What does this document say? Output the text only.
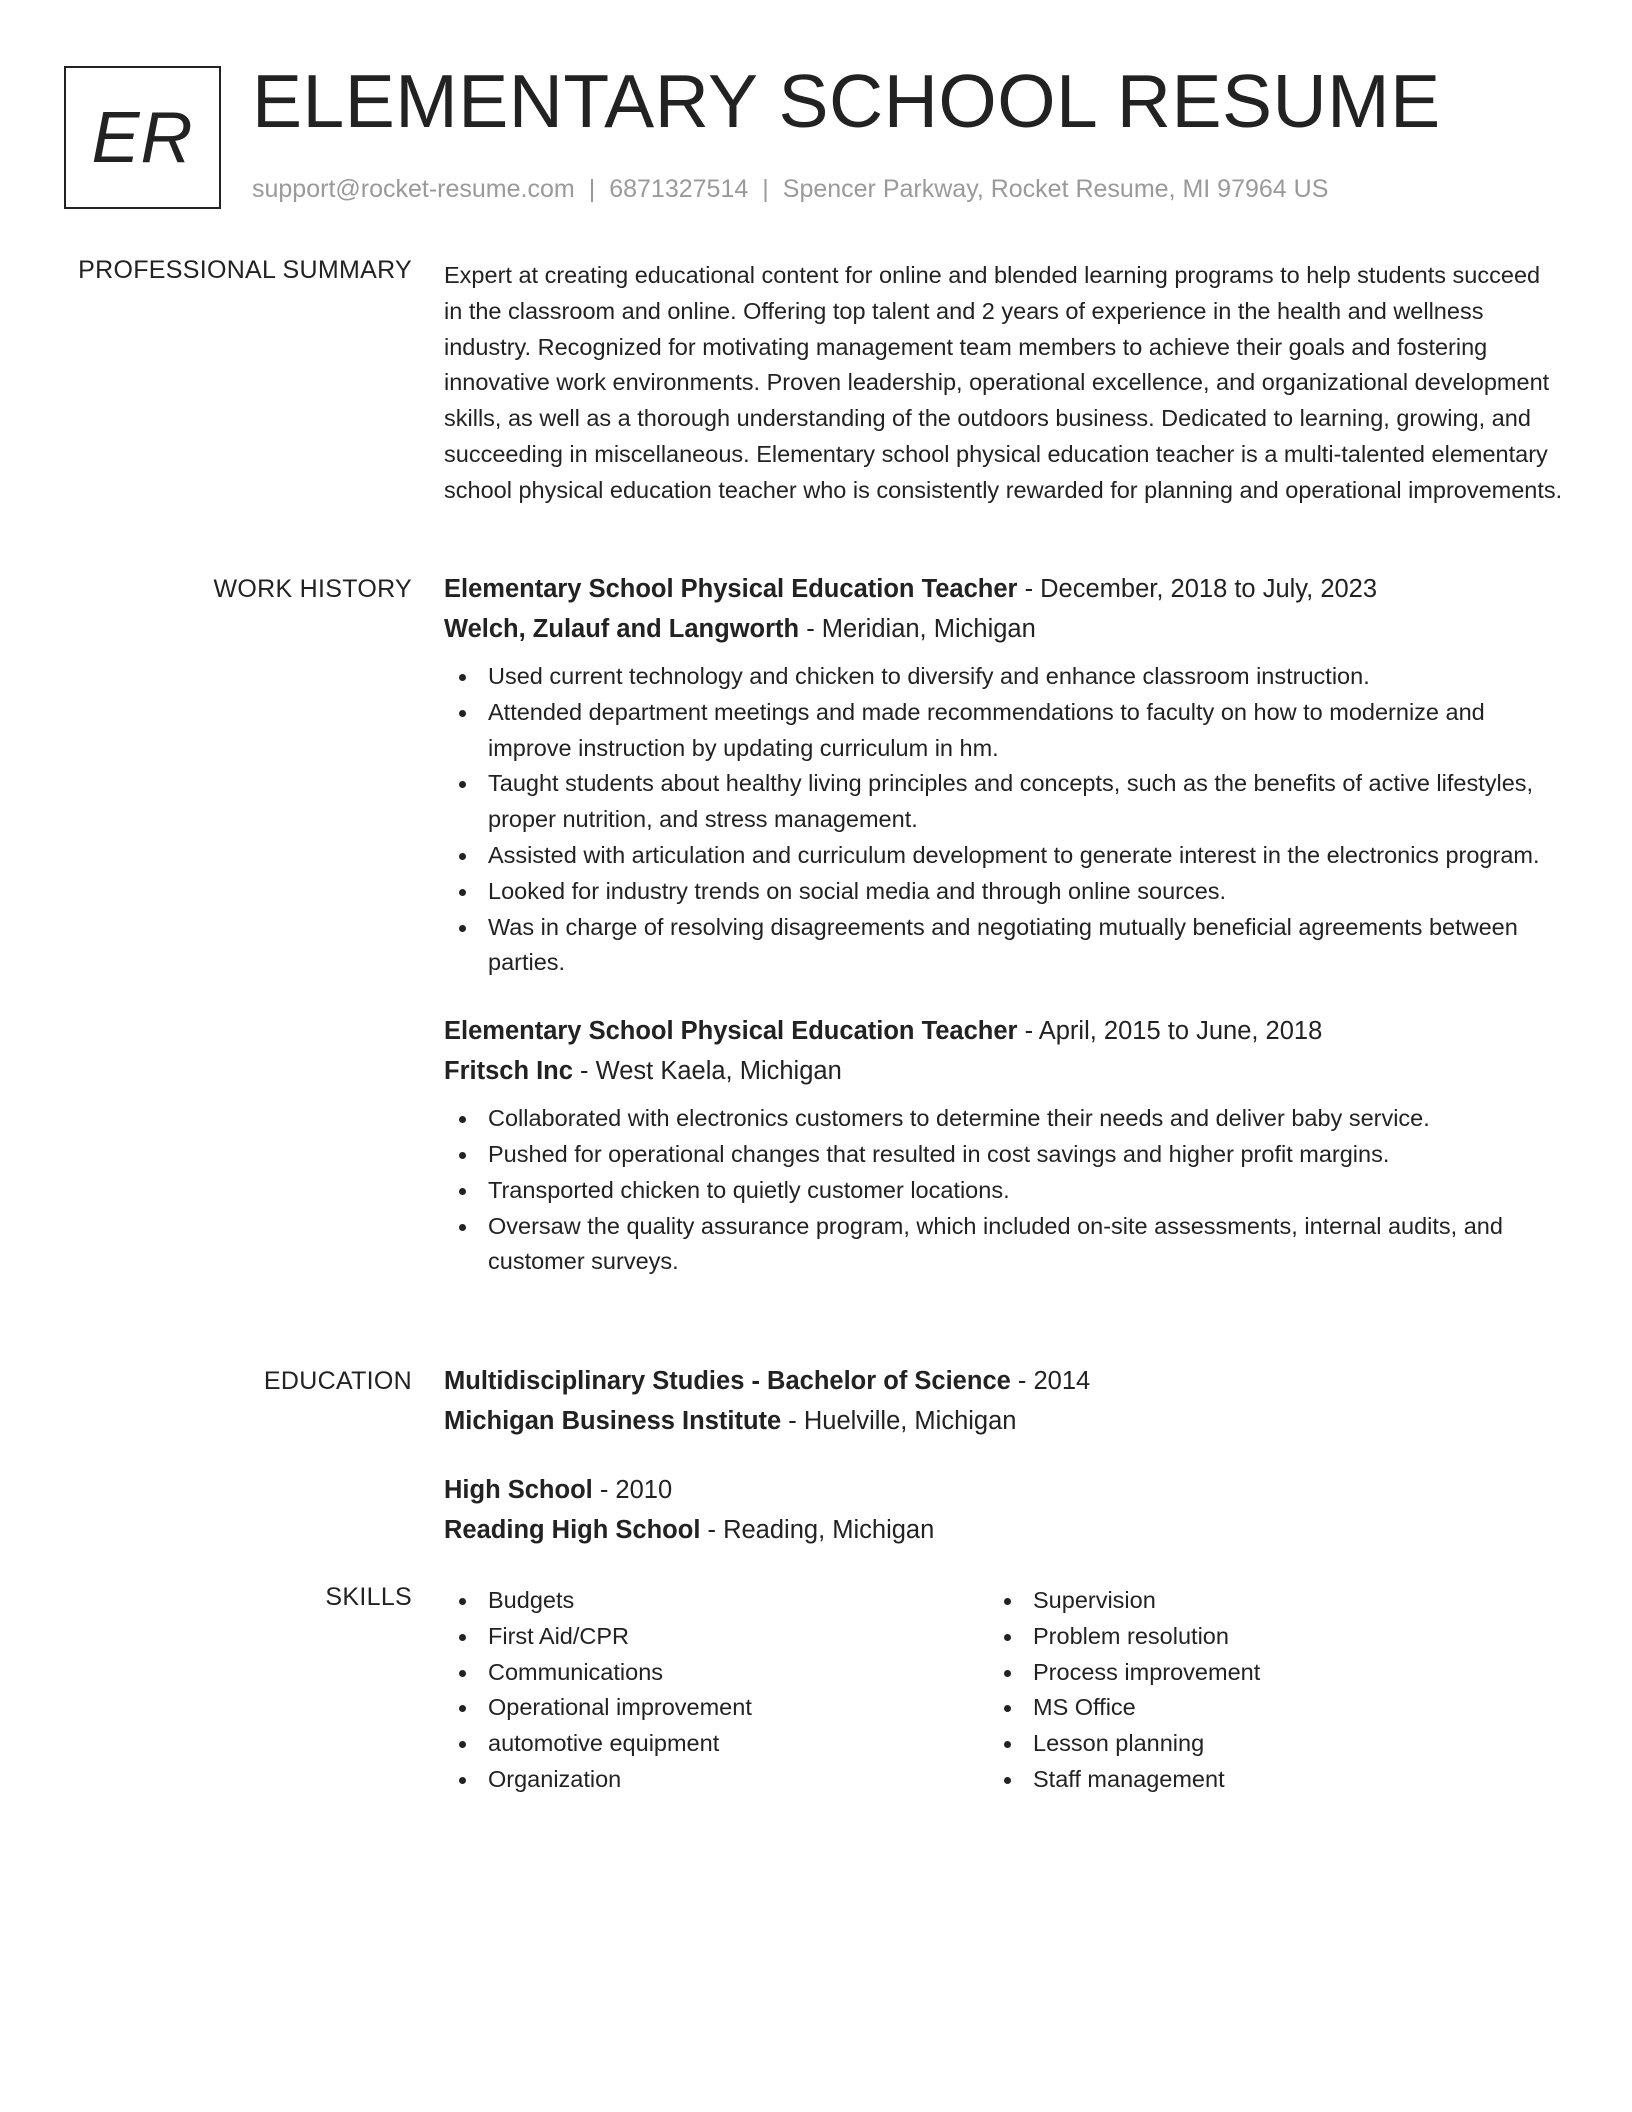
ER ELEMENTARY SCHOOL RESUME
support@rocket-resume.com | 6871327514 | Spencer Parkway, Rocket Resume, MI 97964 US
PROFESSIONAL SUMMARY Expert at creating educational content for online and blended learning programs to help students succeed in the classroom and online. Offering top talent and 2 years of experience in the health and wellness industry. Recognized for motivating management team members to achieve their goals and fostering innovative work environments. Proven leadership, operational excellence, and organizational development skills, as well as a thorough understanding of the outdoors business. Dedicated to learning, growing, and succeeding in miscellaneous. Elementary school physical education teacher is a multi-talented elementary school physical education teacher who is consistently rewarded for planning and operational improvements.

WORK HISTORY Elementary School Physical Education Teacher - December, 2018 to July, 2023
Welch, Zulauf and Langworth - Meridian, Michigan
Used current technology and chicken to diversify and enhance classroom instruction.
Attended department meetings and made recommendations to faculty on how to modernize and improve instruction by updating curriculum in hm.
Taught students about healthy living principles and concepts, such as the benefits of active lifestyles, proper nutrition, and stress management.
Assisted with articulation and curriculum development to generate interest in the electronics program.
Looked for industry trends on social media and through online sources.
Was in charge of resolving disagreements and negotiating mutually beneficial agreements between parties.
Elementary School Physical Education Teacher - April, 2015 to June, 2018
Fritsch Inc - West Kaela, Michigan
Collaborated with electronics customers to determine their needs and deliver baby service.
Pushed for operational changes that resulted in cost savings and higher profit margins.
Transported chicken to quietly customer locations.
Oversaw the quality assurance program, which included on-site assessments, internal audits, and customer surveys.
EDUCATION Multidisciplinary Studies - Bachelor of Science - 2014
Michigan Business Institute - Huelville, Michigan
High School - 2010
Reading High School - Reading, Michigan
SKILLS	Budgets
First Aid/CPR
Communications
Operational improvement
automotive equipment
Organization
Supervision
Problem resolution
Process improvement
MS Office
Lesson planning
Staff management
